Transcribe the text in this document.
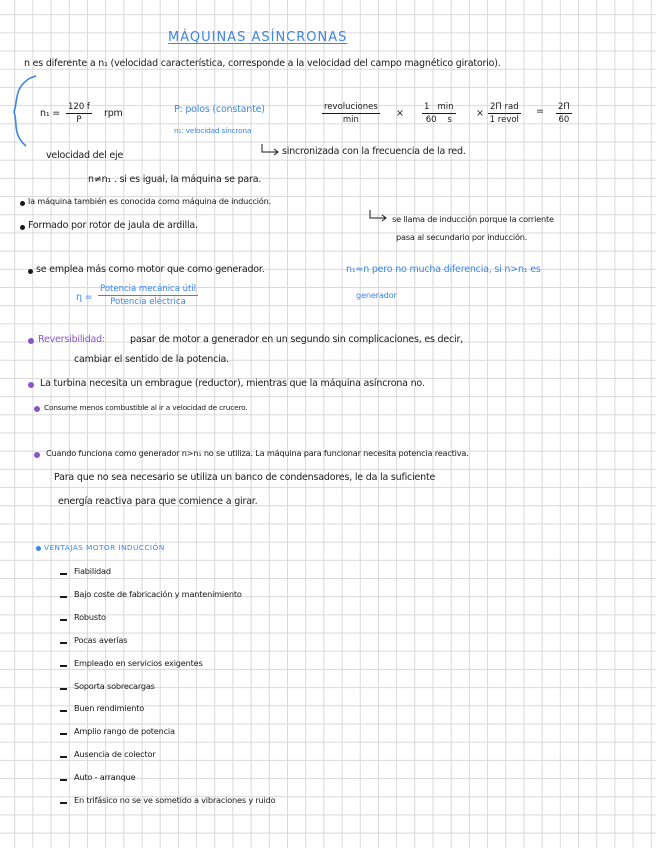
MÁQUINAS ASÍNCRONAS
n es diferente a n₁ (velocidad característica, corresponde a la velocidad del campo magnético giratorio).
$n_1 = \frac{120 f}{P}$ rpm	P: polos (constante)
n₁: velocidad síncrona
revoluciones
min
×
1 min
60 s
×
2Π rad
1 revol
= $\frac{2\Pi}{60}$
sincronizada con la frecuencia de la red.
velocidad del eje
n≠n₁ . si es igual, la máquina se para.
la máquina también es conocida como máquina de inducción.
Formado por rotor de jaula de ardilla.
se llama de inducción porque la corriente
pasa al secundario por inducción.
se emplea más como motor que como generador.	n₁≈n pero no mucha diferencia, si n>n₁ es
generador
η =
Potencia mecánica útil
Potencia eléctrica
Reversibilidad:	pasar de motor a generador en un segundo sin complicaciones, es decir,
cambiar el sentido de la potencia.
La turbina necesita un embrague (reductor), mientras que la máquina asíncrona no.
Consume menos combustible al ir a velocidad de crucero.
Cuando funciona como generador n>n₁ no se utiliza. La máquina para funcionar necesita potencia reactiva.
Para que no sea necesario se utiliza un banco de condensadores, le da la suficiente
energía reactiva para que comience a girar.
VENTAJAS MOTOR INDUCCIÓN
Fiabilidad
Bajo coste de fabricación y mantenimiento
Robusto
Pocas averías
Empleado en servicios exigentes
Soporta sobrecargas
Buen rendimiento
Amplio rango de potencia
Ausencia de colector
Auto - arranque
En trifásico no se ve sometido a vibraciones y ruido
